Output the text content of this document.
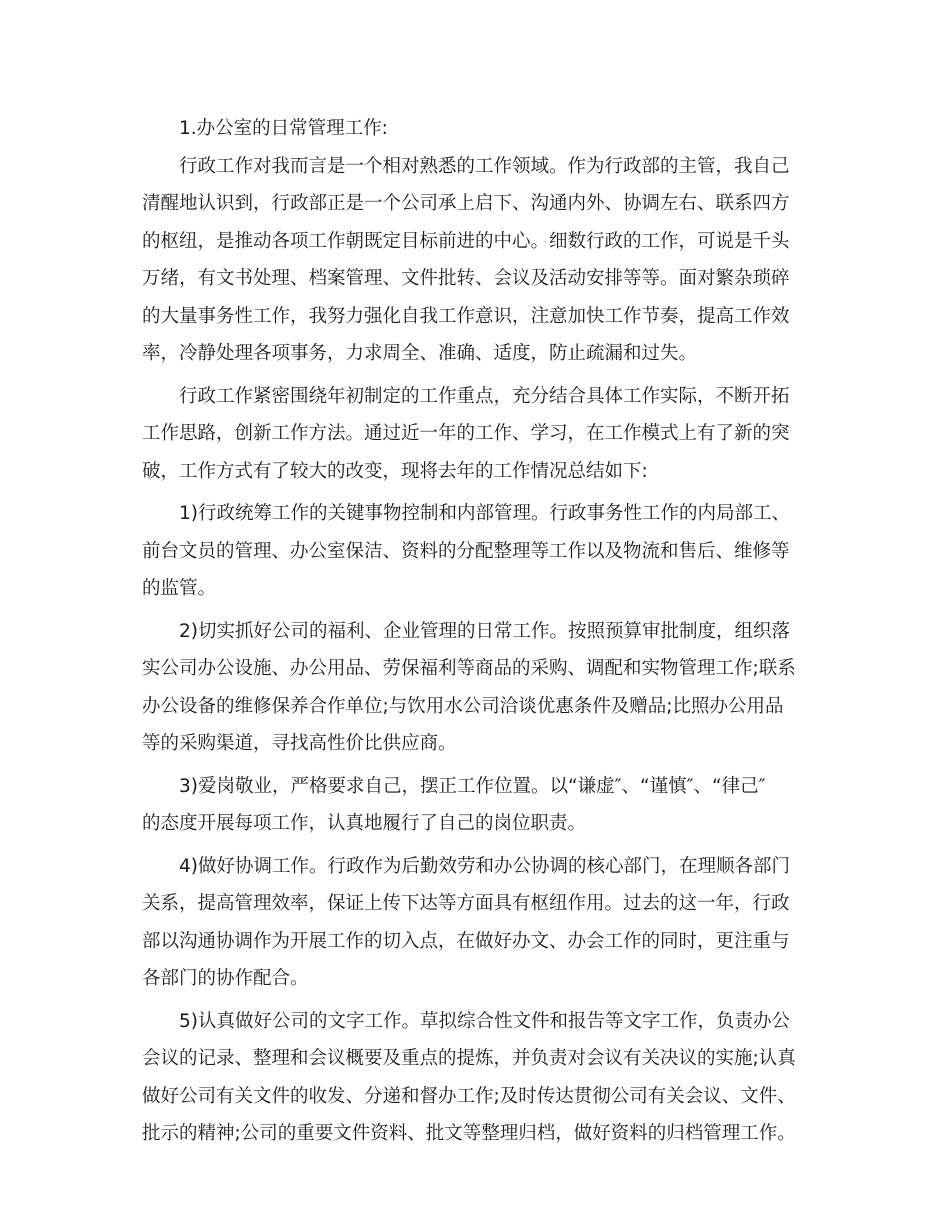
1.办公室的日常管理工作:
行政工作对我而言是一个相对熟悉的工作领域。作为行政部的主管，我自己
清醒地认识到，行政部正是一个公司承上启下、沟通内外、协调左右、联系四方
的枢纽，是推动各项工作朝既定目标前进的中心。细数行政的工作，可说是千头
万绪，有文书处理、档案管理、文件批转、会议及活动安排等等。面对繁杂琐碎
的大量事务性工作，我努力强化自我工作意识，注意加快工作节奏，提高工作效
率，冷静处理各项事务，力求周全、准确、适度，防止疏漏和过失。
行政工作紧密围绕年初制定的工作重点，充分结合具体工作实际，不断开拓
工作思路，创新工作方法。通过近一年的工作、学习，在工作模式上有了新的突
破，工作方式有了较大的改变，现将去年的工作情况总结如下:
1)行政统筹工作的关键事物控制和内部管理。行政事务性工作的内局部工、
前台文员的管理、办公室保洁、资料的分配整理等工作以及物流和售后、维修等
的监管。
2)切实抓好公司的福利、企业管理的日常工作。按照预算审批制度，组织落
实公司办公设施、办公用品、劳保福利等商品的采购、调配和实物管理工作;联系
办公设备的维修保养合作单位;与饮用水公司洽谈优惠条件及赠品;比照办公用品
等的采购渠道，寻找高性价比供应商。
3)爱岗敬业，严格要求自己，摆正工作位置。以“谦虚″、“谨慎″、“律己″
的态度开展每项工作，认真地履行了自己的岗位职责。
4)做好协调工作。行政作为后勤效劳和办公协调的核心部门，在理顺各部门
关系，提高管理效率，保证上传下达等方面具有枢纽作用。过去的这一年，行政
部以沟通协调作为开展工作的切入点，在做好办文、办会工作的同时，更注重与
各部门的协作配合。
5)认真做好公司的文字工作。草拟综合性文件和报告等文字工作，负责办公
会议的记录、整理和会议概要及重点的提炼，并负责对会议有关决议的实施;认真
做好公司有关文件的收发、分递和督办工作;及时传达贯彻公司有关会议、文件、
批示的精神;公司的重要文件资料、批文等整理归档，做好资料的归档管理工作。
